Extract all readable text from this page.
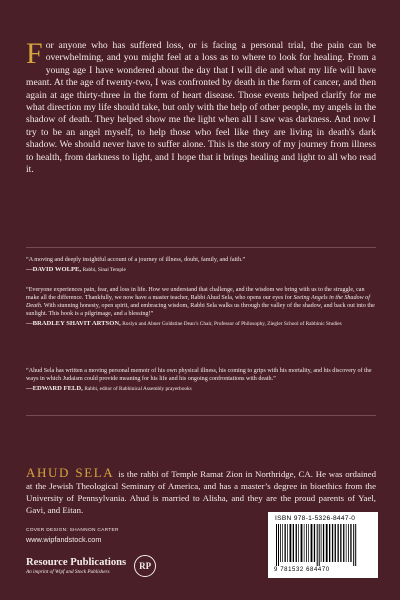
For anyone who has suffered loss, or is facing a personal trial, the pain can be overwhelming, and you might feel at a loss as to where to look for healing. From a young age I have wondered about the day that I will die and what my life will have meant. At the age of twenty-two, I was confronted by death in the form of cancer, and then again at age thirty-three in the form of heart disease. Those events helped clarify for me what direction my life should take, but only with the help of other people, my angels in the shadow of death. They helped show me the light when all I saw was darkness. And now I try to be an angel myself, to help those who feel like they are living in death's dark shadow. We should never have to suffer alone. This is the story of my journey from illness to health, from darkness to light, and I hope that it brings healing and light to all who read it.

“A moving and deeply insightful account of a journey of illness, doubt, family, and faith.”
—DAVID WOLPE, Rabbi, Sinai Temple

“Everyone experiences pain, fear, and loss in life. How we understand that challenge, and the wisdom we bring with us to the struggle, can make all the difference. Thankfully, we now have a master teacher, Rabbi Ahud Sela, who opens our eyes for Seeing Angels in the Shadow of Death. With stunning honesty, open spirit, and embracing wisdom, Rabbi Sela walks us through the valley of the shadow, and back out into the sunlight. This book is a pilgrimage, and a blessing!”
—BRADLEY SHAVIT ARTSON, Roslyn and Abner Goldstine Dean’s Chair, Professor of Philosophy, Ziegler School of Rabbinic Studies

“Ahud Sela has written a moving personal memoir of his own physical illness, his coming to grips with his mortality, and his discovery of the ways in which Judaism could provide meaning for his life and his ongoing confrontations with death.”
—EDWARD FELD, Rabbi, editor of Rabbinical Assembly prayerbooks

AHUD SELA is the rabbi of Temple Ramat Zion in Northridge, CA. He was ordained at the Jewish Theological Seminary of America, and has a master’s degree in bioethics from the University of Pennsylvania. Ahud is married to Alisha, and they are the proud parents of Yael, Gavi, and Eitan.

COVER DESIGN: SHANNON CARTER
www.wipfandstock.com
Resource Publications
An imprint of Wipf and Stock Publishers
RP
ISBN 978-1-5326-8447-0
9 781532 684470
